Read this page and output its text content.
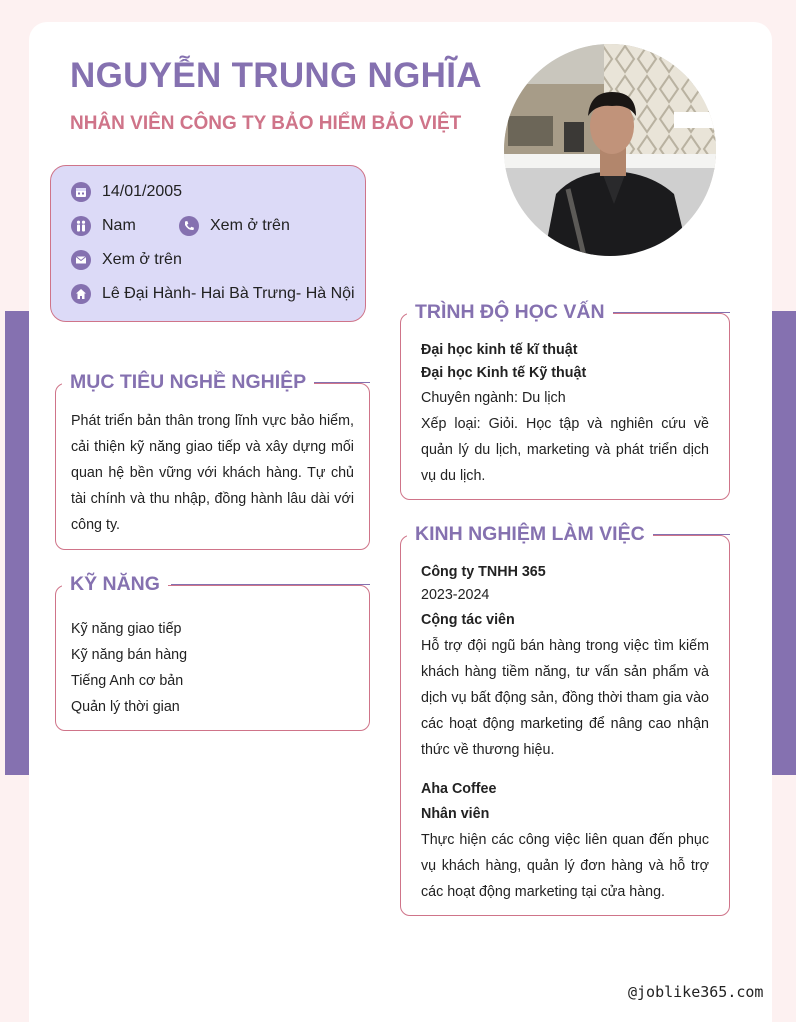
NGUYỄN TRUNG NGHĨA
NHÂN VIÊN CÔNG TY BẢO HIỂM BẢO VIỆT
14/01/2005
Nam	Xem ở trên
Xem ở trên
Lê Đại Hành- Hai Bà Trưng- Hà Nội
MỤC TIÊU NGHỀ NGHIỆP
Phát triển bản thân trong lĩnh vực bảo hiểm, cải thiện kỹ năng giao tiếp và xây dựng mối quan hệ bền vững với khách hàng. Tự chủ tài chính và thu nhập, đồng hành lâu dài với công ty.
KỸ NĂNG
Kỹ năng giao tiếp
Kỹ năng bán hàng
Tiếng Anh cơ bản
Quản lý thời gian
TRÌNH ĐỘ HỌC VẤN
Đại học kinh tế kĩ thuật
Đại học Kinh tế Kỹ thuật
Chuyên ngành: Du lịch
Xếp loại: Giỏi. Học tập và nghiên cứu về quản lý du lịch, marketing và phát triển dịch vụ du lịch.
KINH NGHIỆM LÀM VIỆC
Công ty TNHH 365
2023-2024
Cộng tác viên
Hỗ trợ đội ngũ bán hàng trong việc tìm kiếm khách hàng tiềm năng, tư vấn sản phẩm và dịch vụ bất động sản, đồng thời tham gia vào các hoạt động marketing để nâng cao nhận thức về thương hiệu.
Aha Coffee
Nhân viên
Thực hiện các công việc liên quan đến phục vụ khách hàng, quản lý đơn hàng và hỗ trợ các hoạt động marketing tại cửa hàng.
@joblike365.com
